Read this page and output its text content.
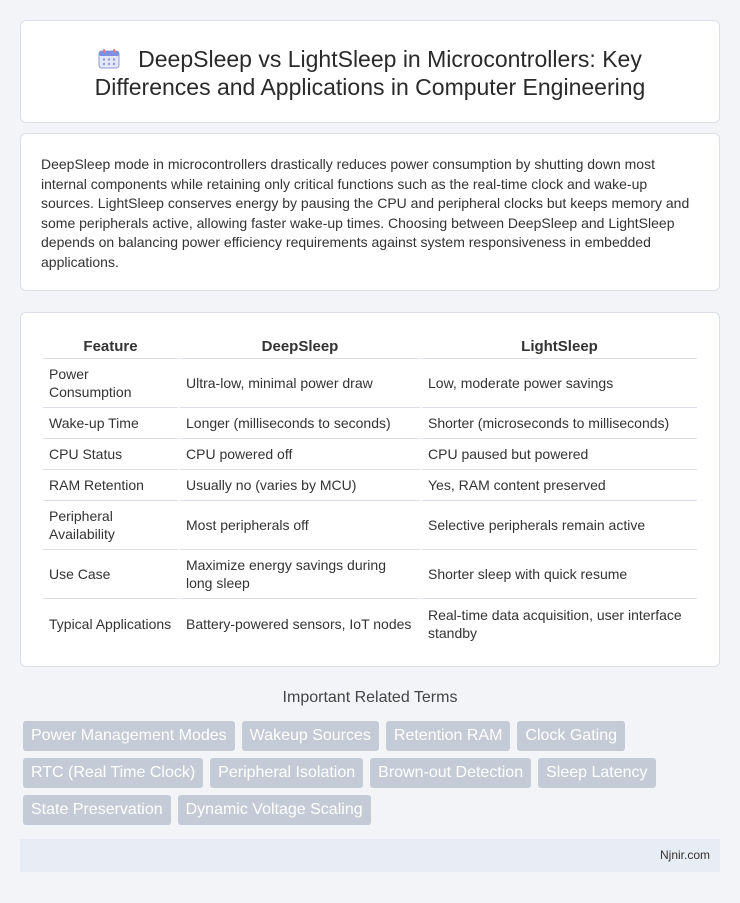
DeepSleep vs LightSleep in Microcontrollers: Key Differences and Applications in Computer Engineering

DeepSleep mode in microcontrollers drastically reduces power consumption by shutting down most internal components while retaining only critical functions such as the real-time clock and wake-up sources. LightSleep conserves energy by pausing the CPU and peripheral clocks but keeps memory and some peripherals active, allowing faster wake-up times. Choosing between DeepSleep and LightSleep depends on balancing power efficiency requirements against system responsiveness in embedded applications.

Feature	DeepSleep	LightSleep
Power Consumption	Ultra-low, minimal power draw	Low, moderate power savings
Wake-up Time	Longer (milliseconds to seconds)	Shorter (microseconds to milliseconds)
CPU Status	CPU powered off	CPU paused but powered
RAM Retention	Usually no (varies by MCU)	Yes, RAM content preserved
Peripheral Availability	Most peripherals off	Selective peripherals remain active
Use Case	Maximize energy savings during long sleep	Shorter sleep with quick resume
Typical Applications	Battery-powered sensors, IoT nodes	Real-time data acquisition, user interface standby
Important Related Terms
Power Management Modes	Wakeup Sources	Retention RAM	Clock Gating
RTC (Real Time Clock)	Peripheral Isolation	Brown-out Detection	Sleep Latency
State Preservation	Dynamic Voltage Scaling
Njnir.com
